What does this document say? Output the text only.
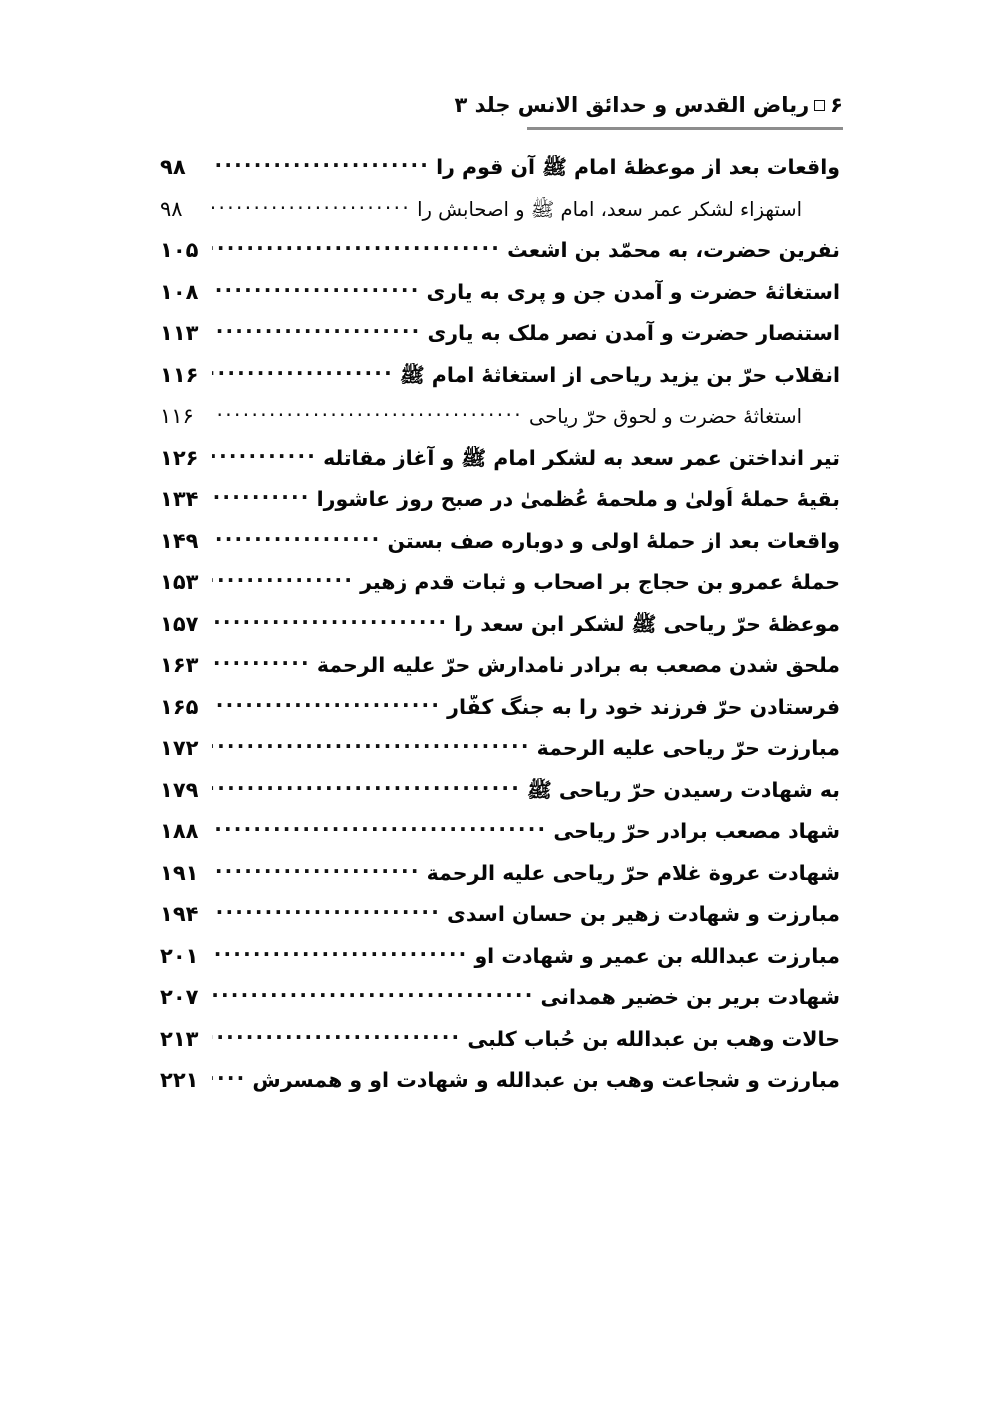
۶ریاض القدس و حدائق الانس جلد ۳
واقعات بعد از موعظهٔ امام ﷺ آن قوم را
.....
۹۸
استهزاء لشکر عمر سعد، امام ﷺ و اصحابش را
.....
۹۸
نفرین حضرت، به محمّد بن اشعث
.....
۱۰۵
استغاثهٔ حضرت و آمدن جن و پری به یاری
.....
۱۰۸
استنصار حضرت و آمدن نصر ملک به یاری
.....
۱۱۳
انقلاب حرّ بن یزید ریاحی از استغاثهٔ امام ﷺ
.....
۱۱۶
استغاثهٔ حضرت و لحوق حرّ ریاحی
.....
۱۱۶
تیر انداختن عمر سعد به لشکر امام ﷺ و آغاز مقاتله
.....
۱۲۶
بقیهٔ حملهٔ اُولیٰ و ملحمهٔ عُظمیٰ در صبح روز عاشورا
.....
۱۳۴
واقعات بعد از حملهٔ اولی و دوباره صف بستن
.....
۱۴۹
حملهٔ عمرو بن حجاج بر اصحاب و ثبات قدم زهیر
.....
۱۵۳
موعظهٔ حرّ ریاحی ﷺ لشکر ابن سعد را
.....
۱۵۷
ملحق شدن مصعب به برادر نامدارش حرّ علیه الرحمة
.....
۱۶۳
فرستادن حرّ فرزند خود را به جنگ کفّار
.....
۱۶۵
مبارزت حرّ ریاحی علیه الرحمة
.....
۱۷۲
به شهادت رسیدن حرّ ریاحی ﷺ
.....
۱۷۹
شهاد مصعب برادر حرّ ریاحی
.....
۱۸۸
شهادت عروة غلام حرّ ریاحی علیه الرحمة
.....
۱۹۱
مبارزت و شهادت زهیر بن حسان اسدی
.....
۱۹۴
مبارزت عبدالله بن عمیر و شهادت او
.....
۲۰۱
شهادت بریر بن خضیر همدانی
.....
۲۰۷
حالات وهب بن عبدالله بن حُباب کلبی
.....
۲۱۳
مبارزت و شجاعت وهب بن عبدالله و شهادت او و همسرش
.....
۲۲۱
